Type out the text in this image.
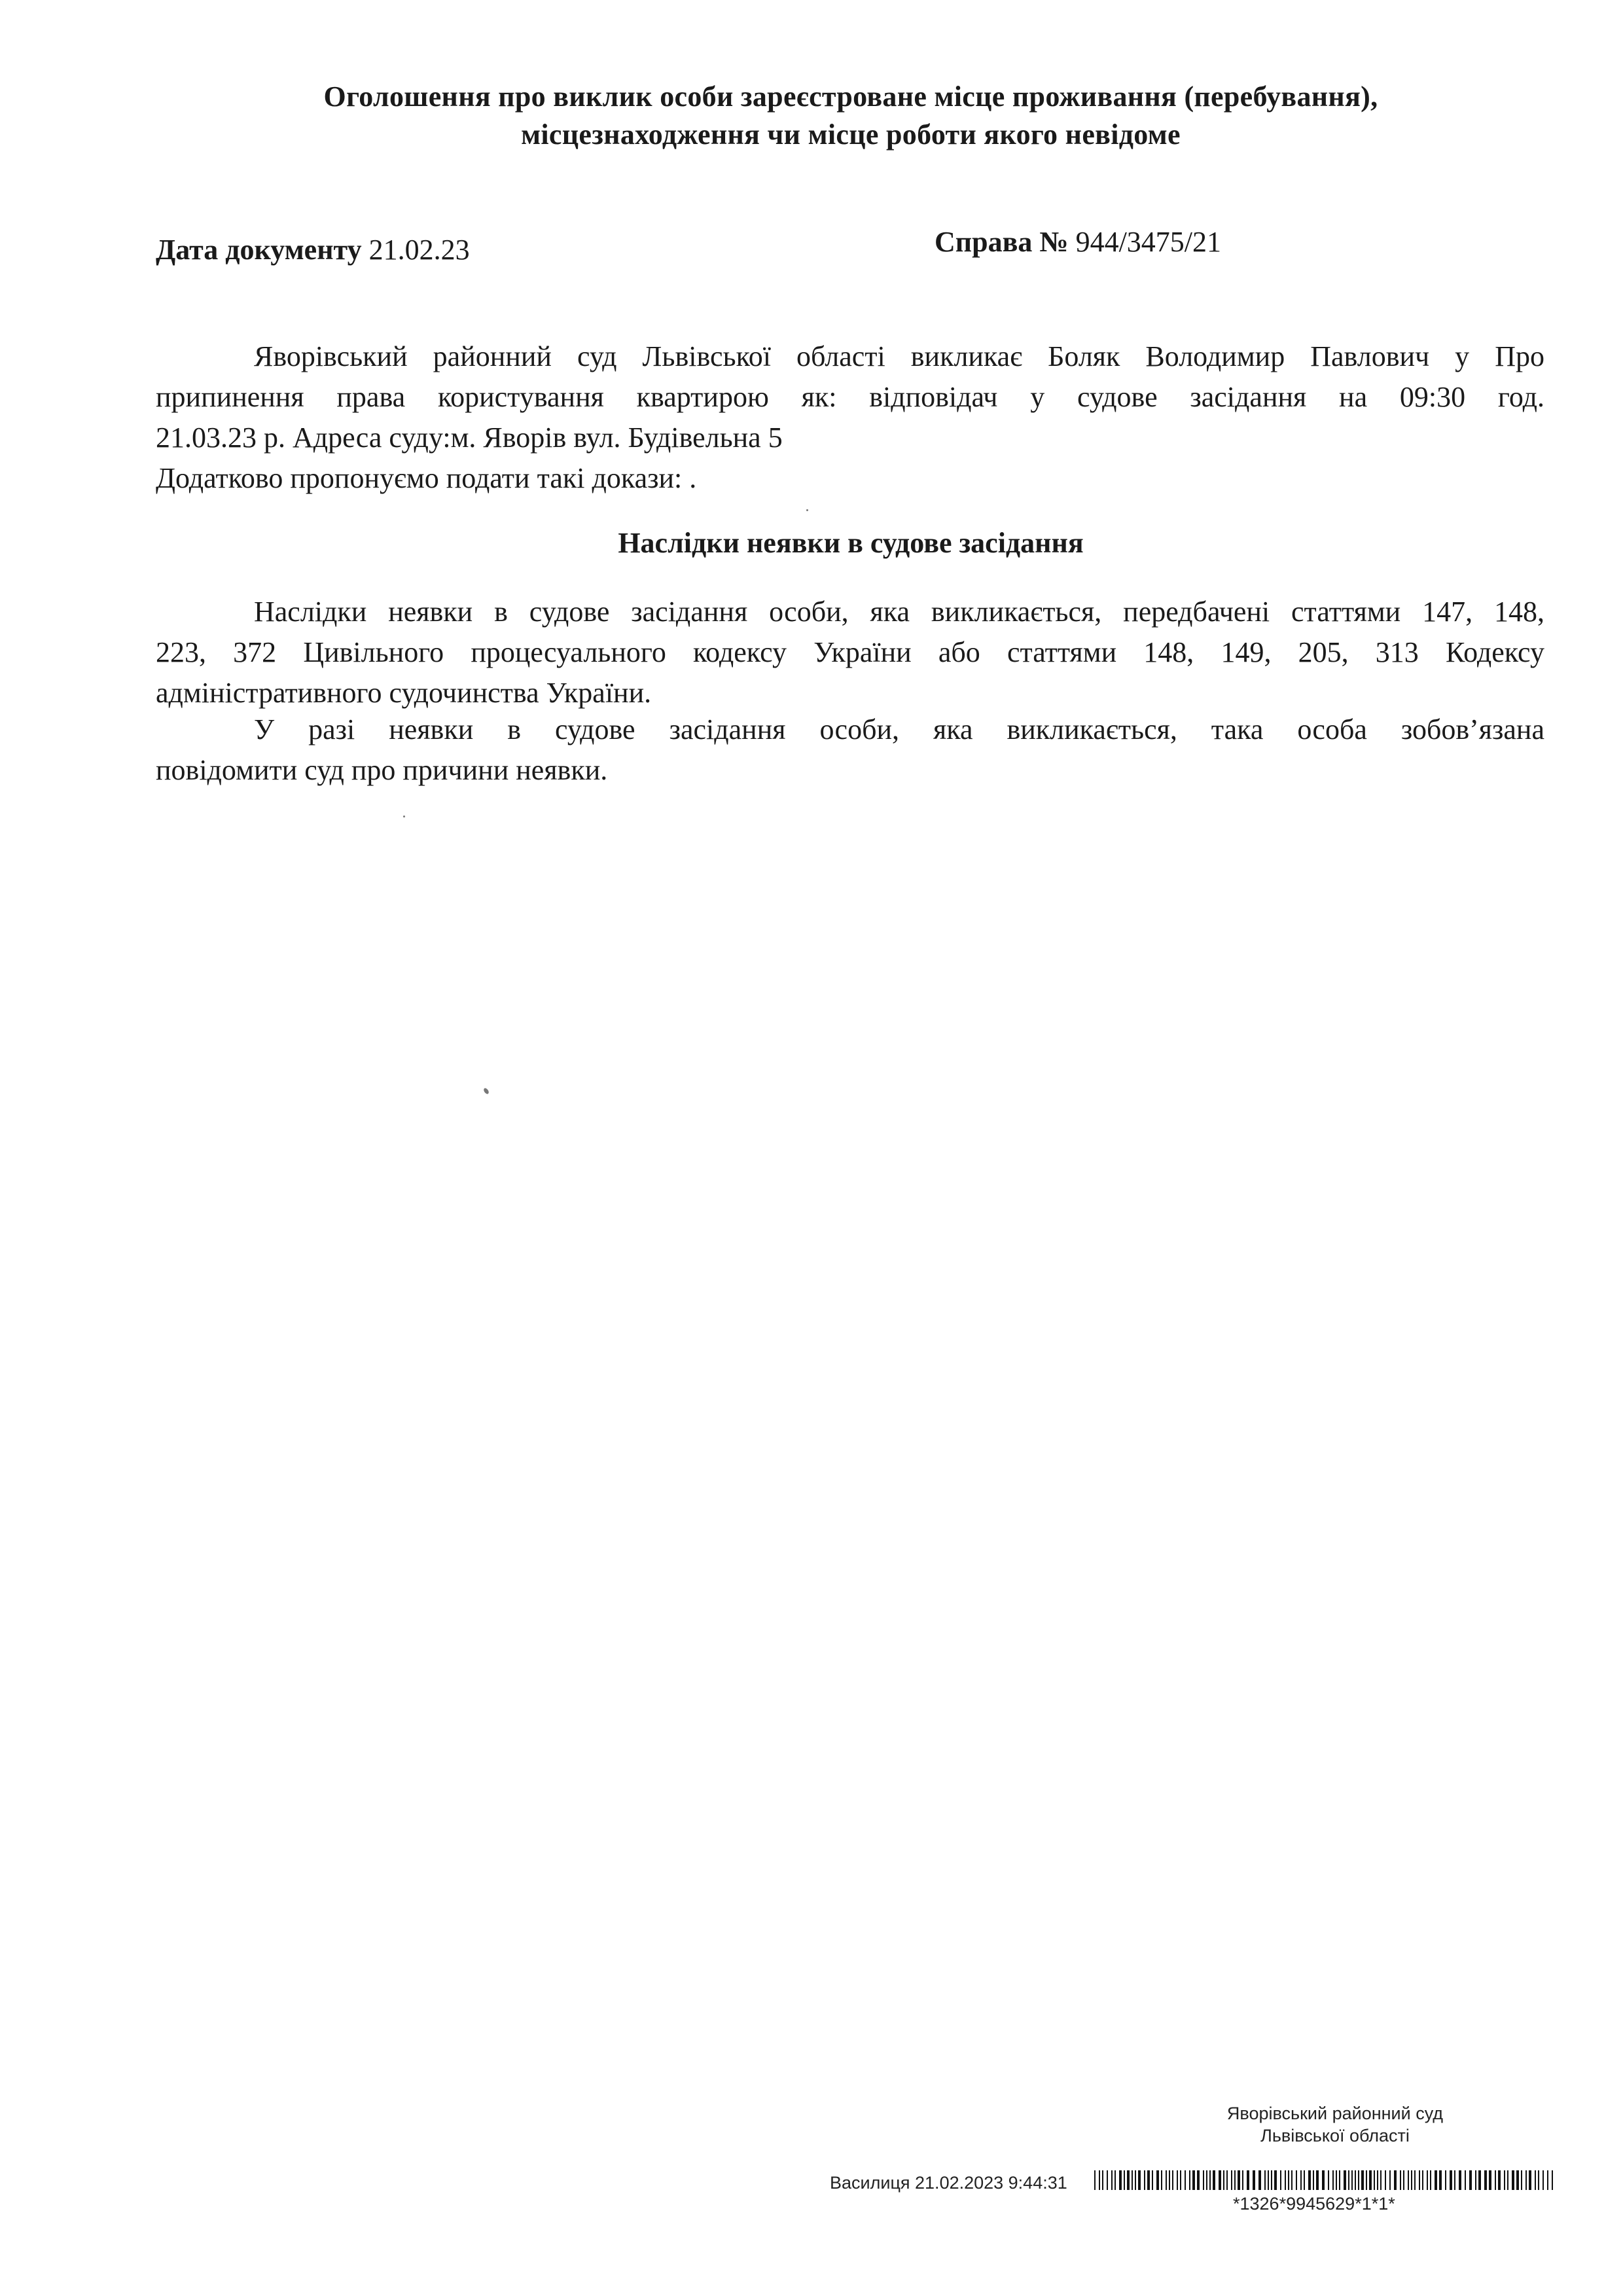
Оголошення про виклик особи зареєстроване місце проживання (перебування),
місцезнаходження чи місце роботи якого невідоме
Дата документу 21.02.23	Справа № 944/3475/21
Яворівський районний суд Львівської області викликає Боляк Володимир Павлович у Про
припинення права користування квартирою як: відповідач у судове засідання на 09:30 год.
21.03.23 р. Адреса суду:м. Яворів вул. Будівельна 5
Додатково пропонуємо подати такі докази: .
Наслідки неявки в судове засідання
Наслідки неявки в судове засідання особи, яка викликається, передбачені статтями 147, 148,
223, 372 Цивільного процесуального кодексу України або статтями 148, 149, 205, 313 Кодексу
адміністративного судочинства України.
У разі неявки в судове засідання особи, яка викликається, така особа зобов’язана
повідомити суд про причини неявки.
Яворівський районний суд
Львівської області
Василиця 21.02.2023 9:44:31
*1326*9945629*1*1*
